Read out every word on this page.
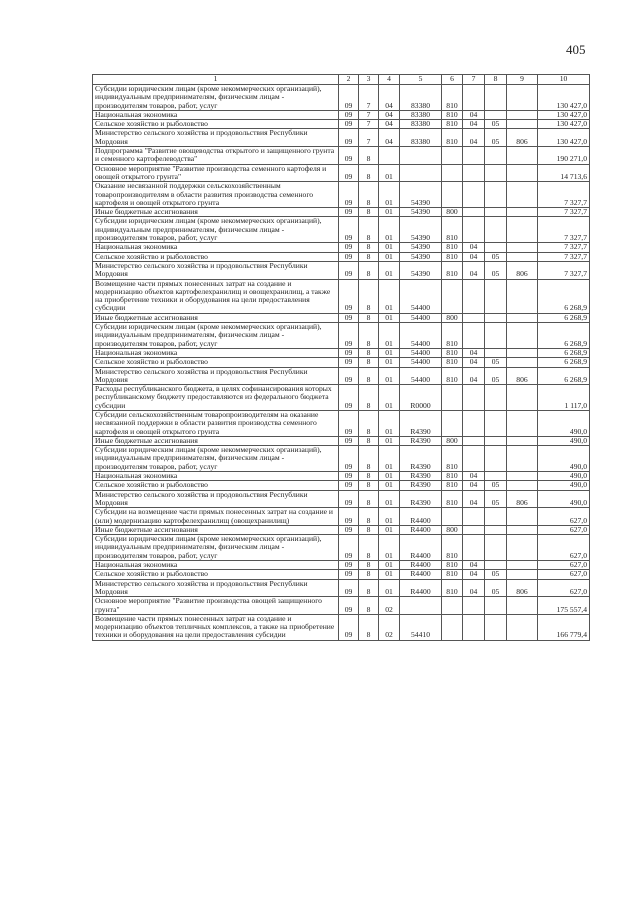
405
1	2	3	4	5	6	7	8	9	10
Субсидии юридическим лицам (кроме некоммерческих организаций), индивидуальным предпринимателям, физическим лицам - производителям товаров, работ, услуг	09	7	04	83380	810				130 427,0
Национальная экономика	09	7	04	83380	810	04			130 427,0
Сельское хозяйство и рыболовство	09	7	04	83380	810	04	05		130 427,0
Министерство сельского хозяйства и продовольствия Республики Мордовия	09	7	04	83380	810	04	05	806	130 427,0
Подпрограмма "Развитие овощеводства открытого и защищенного грунта и семенного картофелеводства"	09	8							190 271,0
Основное мероприятие "Развитие производства семенного картофеля и овощей открытого грунта"	09	8	01						14 713,6
Оказание несвязанной поддержки сельскохозяйственным товаропроизводителям в области развития производства семенного картофеля и овощей открытого грунта	09	8	01	54390					7 327,7
Иные бюджетные ассигнования	09	8	01	54390	800				7 327,7
Субсидии юридическим лицам (кроме некоммерческих организаций), индивидуальным предпринимателям, физическим лицам - производителям товаров, работ, услуг	09	8	01	54390	810				7 327,7
Национальная экономика	09	8	01	54390	810	04			7 327,7
Сельское хозяйство и рыболовство	09	8	01	54390	810	04	05		7 327,7
Министерство сельского хозяйства и продовольствия Республики Мордовия	09	8	01	54390	810	04	05	806	7 327,7
Возмещение части прямых понесенных затрат на создание и модернизацию объектов картофелехранилищ и овощехранилищ, а также на приобретение техники и оборудования на цели предоставления субсидии	09	8	01	54400					6 268,9
Иные бюджетные ассигнования	09	8	01	54400	800				6 268,9
Субсидии юридическим лицам (кроме некоммерческих организаций), индивидуальным предпринимателям, физическим лицам - производителям товаров, работ, услуг	09	8	01	54400	810				6 268,9
Национальная экономика	09	8	01	54400	810	04			6 268,9
Сельское хозяйство и рыболовство	09	8	01	54400	810	04	05		6 268,9
Министерство сельского хозяйства и продовольствия Республики Мордовия	09	8	01	54400	810	04	05	806	6 268,9
Расходы республиканского бюджета, в целях софинансирования которых республиканскому бюджету предоставляются из федерального бюджета субсидии	09	8	01	R0000					1 117,0
Субсидии сельскохозяйственным товаропроизводителям на оказание несвязанной поддержки в области развития производства семенного картофеля и овощей открытого грунта	09	8	01	R4390					490,0
Иные бюджетные ассигнования	09	8	01	R4390	800				490,0
Субсидии юридическим лицам (кроме некоммерческих организаций), индивидуальным предпринимателям, физическим лицам - производителям товаров, работ, услуг	09	8	01	R4390	810				490,0
Национальная экономика	09	8	01	R4390	810	04			490,0
Сельское хозяйство и рыболовство	09	8	01	R4390	810	04	05		490,0
Министерство сельского хозяйства и продовольствия Республики Мордовия	09	8	01	R4390	810	04	05	806	490,0
Субсидии на возмещение части прямых понесенных затрат на создание и (или) модернизацию картофелехранилищ (овощехранилищ)	09	8	01	R4400					627,0
Иные бюджетные ассигнования	09	8	01	R4400	800				627,0
Субсидии юридическим лицам (кроме некоммерческих организаций), индивидуальным предпринимателям, физическим лицам - производителям товаров, работ, услуг	09	8	01	R4400	810				627,0
Национальная экономика	09	8	01	R4400	810	04			627,0
Сельское хозяйство и рыболовство	09	8	01	R4400	810	04	05		627,0
Министерство сельского хозяйства и продовольствия Республики Мордовия	09	8	01	R4400	810	04	05	806	627,0
Основное мероприятие "Развитие производства овощей защищенного грунта"	09	8	02						175 557,4
Возмещение части прямых понесенных затрат на создание и модернизацию объектов тепличных комплексов, а также на приобретение техники и оборудования на цели предоставления субсидии	09	8	02	54410					166 779,4
